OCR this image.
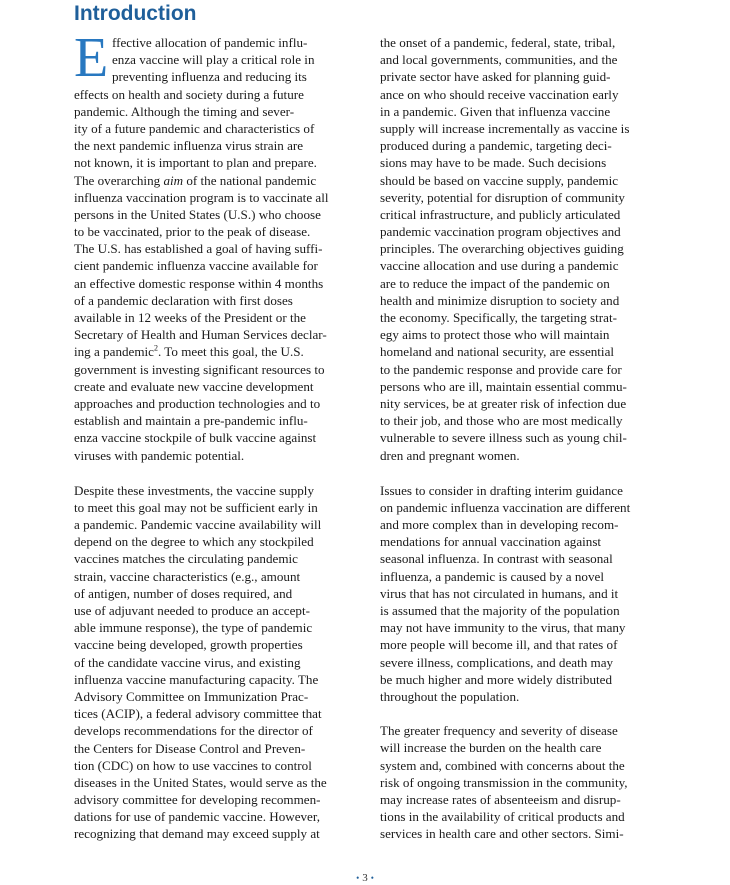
Introduction
E ffective allocation of pandemic influ-
enza vaccine will play a critical role in
preventing influenza and reducing its
effects on health and society during a future
pandemic. Although the timing and sever-
ity of a future pandemic and characteristics of
the next pandemic influenza virus strain are
not known, it is important to plan and prepare.
The overarching aim of the national pandemic
influenza vaccination program is to vaccinate all
persons in the United States (U.S.) who choose
to be vaccinated, prior to the peak of disease.
The U.S. has established a goal of having suffi-
cient pandemic influenza vaccine available for
an effective domestic response within 4 months
of a pandemic declaration with first doses
available in 12 weeks of the President or the
Secretary of Health and Human Services declar-
ing a pandemic$^2$. To meet this goal, the U.S.
government is investing significant resources to
create and evaluate new vaccine development
approaches and production technologies and to
establish and maintain a pre-pandemic influ-
enza vaccine stockpile of bulk vaccine against
viruses with pandemic potential.
Despite these investments, the vaccine supply
to meet this goal may not be sufficient early in
a pandemic. Pandemic vaccine availability will
depend on the degree to which any stockpiled
vaccines matches the circulating pandemic
strain, vaccine characteristics (e.g., amount
of antigen, number of doses required, and
use of adjuvant needed to produce an accept-
able immune response), the type of pandemic
vaccine being developed, growth properties
of the candidate vaccine virus, and existing
influenza vaccine manufacturing capacity. The
Advisory Committee on Immunization Prac-
tices (ACIP), a federal advisory committee that
develops recommendations for the director of
the Centers for Disease Control and Preven-
tion (CDC) on how to use vaccines to control
diseases in the United States, would serve as the
advisory committee for developing recommen-
dations for use of pandemic vaccine. However,
recognizing that demand may exceed supply at
the onset of a pandemic, federal, state, tribal,
and local governments, communities, and the
private sector have asked for planning guid-
ance on who should receive vaccination early
in a pandemic. Given that influenza vaccine
supply will increase incrementally as vaccine is
produced during a pandemic, targeting deci-
sions may have to be made. Such decisions
should be based on vaccine supply, pandemic
severity, potential for disruption of community
critical infrastructure, and publicly articulated
pandemic vaccination program objectives and
principles. The overarching objectives guiding
vaccine allocation and use during a pandemic
are to reduce the impact of the pandemic on
health and minimize disruption to society and
the economy. Specifically, the targeting strat-
egy aims to protect those who will maintain
homeland and national security, are essential
to the pandemic response and provide care for
persons who are ill, maintain essential commu-
nity services, be at greater risk of infection due
to their job, and those who are most medically
vulnerable to severe illness such as young chil-
dren and pregnant women.
Issues to consider in drafting interim guidance
on pandemic influenza vaccination are different
and more complex than in developing recom-
mendations for annual vaccination against
seasonal influenza. In contrast with seasonal
influenza, a pandemic is caused by a novel
virus that has not circulated in humans, and it
is assumed that the majority of the population
may not have immunity to the virus, that many
more people will become ill, and that rates of
severe illness, complications, and death may
be much higher and more widely distributed
throughout the population.
The greater frequency and severity of disease
will increase the burden on the health care
system and, combined with concerns about the
risk of ongoing transmission in the community,
may increase rates of absenteeism and disrup-
tions in the availability of critical products and
services in health care and other sectors. Simi-
• 3 •
